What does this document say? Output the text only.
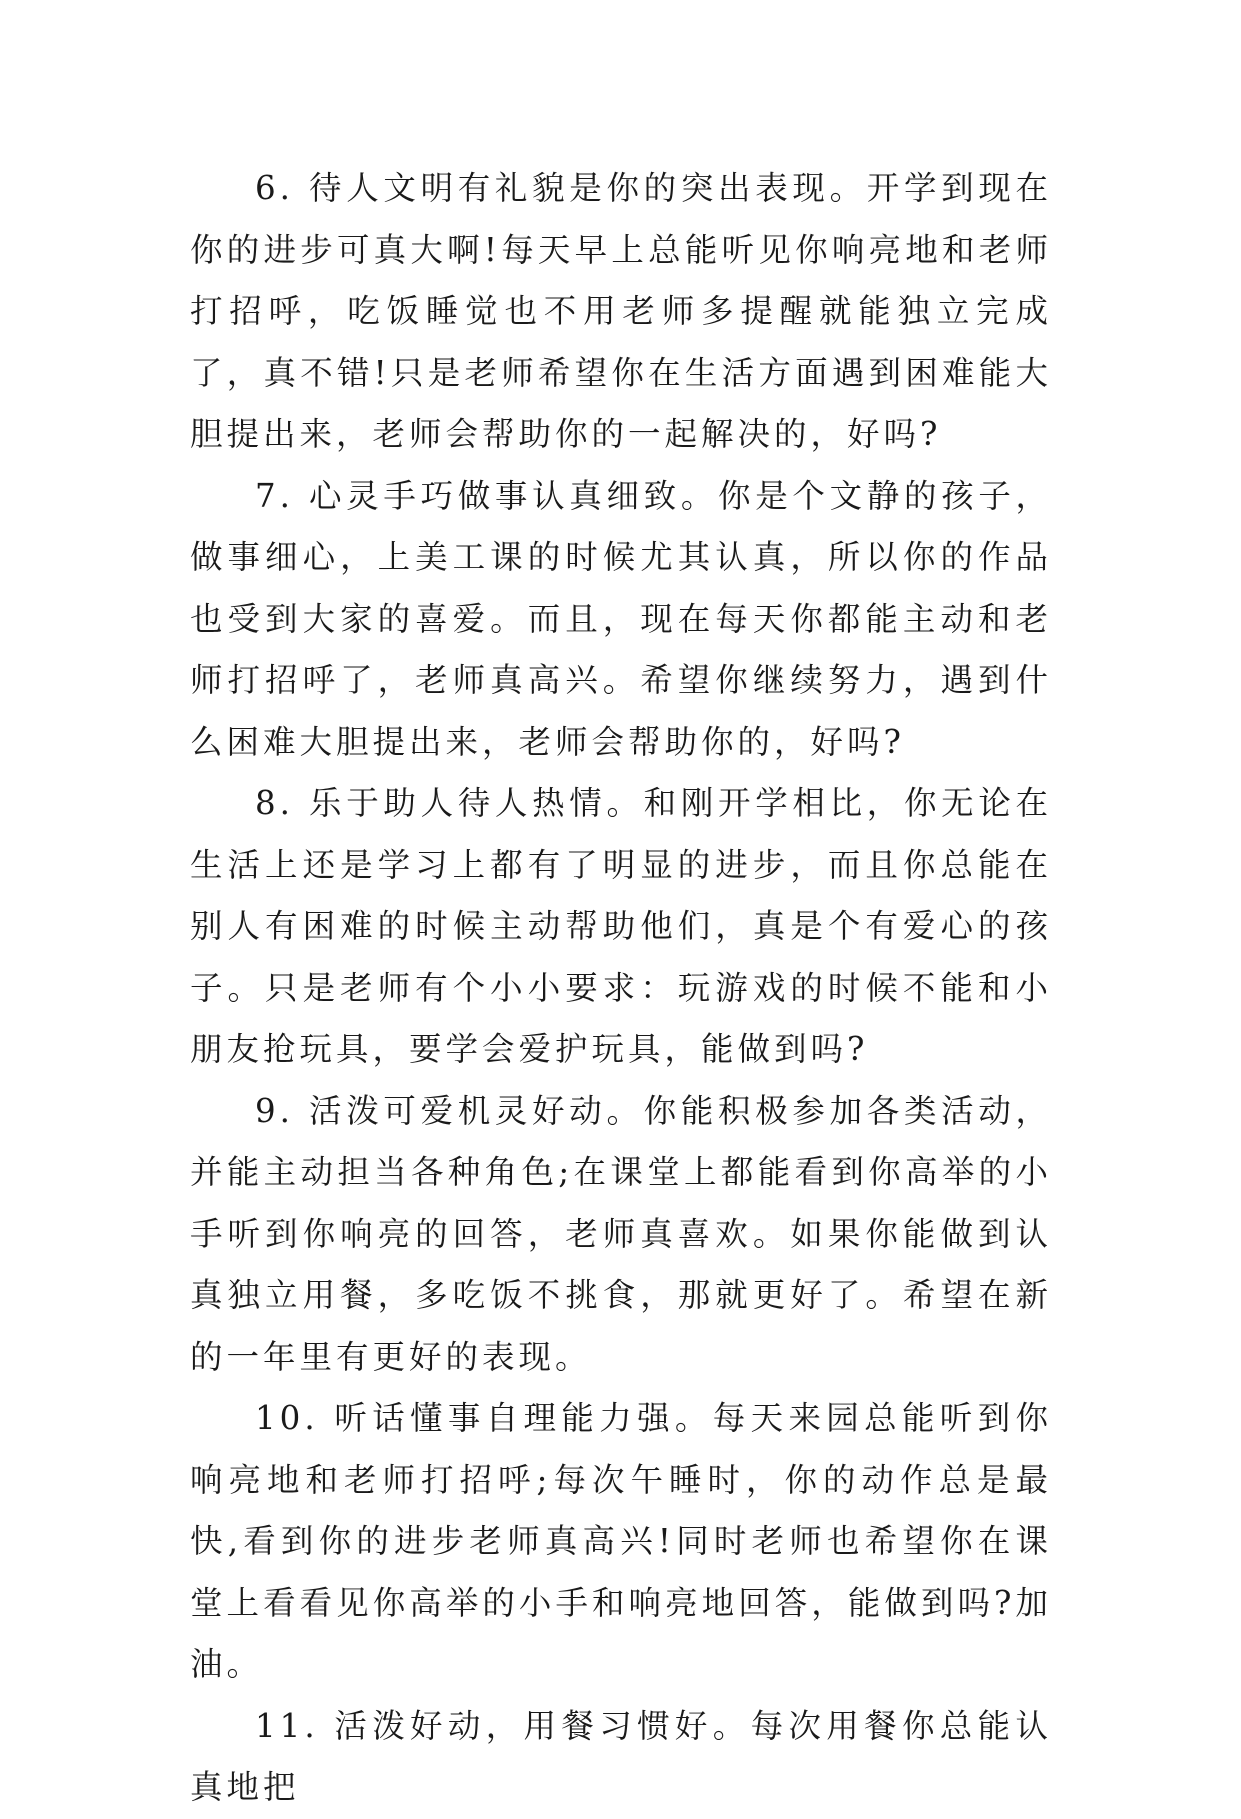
6. 待人文明有礼貌是你的突出表现。开学到现在你的进步可真大啊!每天早上总能听见你响亮地和老师打招呼，吃饭睡觉也不用老师多提醒就能独立完成了，真不错!只是老师希望你在生活方面遇到困难能大胆提出来，老师会帮助你的一起解决的，好吗?

7. 心灵手巧做事认真细致。你是个文静的孩子，做事细心，上美工课的时候尤其认真，所以你的作品也受到大家的喜爱。而且，现在每天你都能主动和老师打招呼了，老师真高兴。希望你继续努力，遇到什么困难大胆提出来，老师会帮助你的，好吗?

8. 乐于助人待人热情。和刚开学相比，你无论在生活上还是学习上都有了明显的进步，而且你总能在别人有困难的时候主动帮助他们，真是个有爱心的孩子。只是老师有个小小要求：玩游戏的时候不能和小朋友抢玩具，要学会爱护玩具，能做到吗?

9. 活泼可爱机灵好动。你能积极参加各类活动，并能主动担当各种角色;在课堂上都能看到你高举的小手听到你响亮的回答，老师真喜欢。如果你能做到认真独立用餐，多吃饭不挑食，那就更好了。希望在新的一年里有更好的表现。

10. 听话懂事自理能力强。每天来园总能听到你响亮地和老师打招呼;每次午睡时，你的动作总是最快,看到你的进步老师真高兴!同时老师也希望你在课堂上看看见你高举的小手和响亮地回答，能做到吗?加油。

11. 活泼好动，用餐习惯好。每次用餐你总能认真地把
